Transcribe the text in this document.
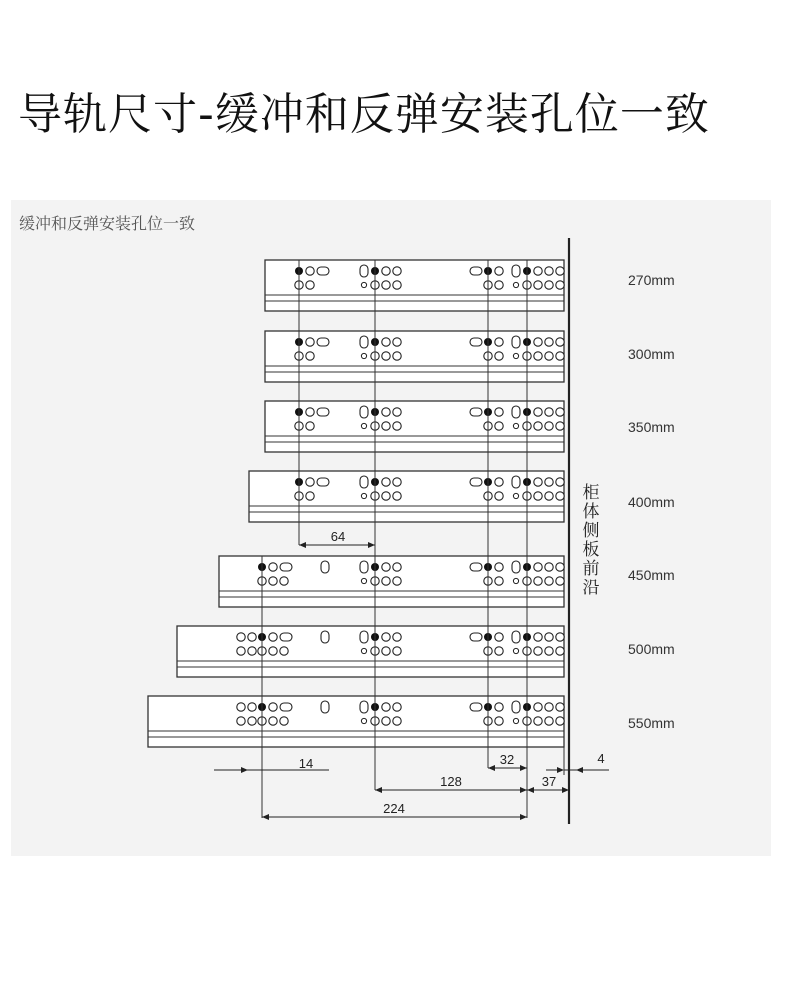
导轨尺寸-缓冲和反弹安装孔位一致
缓冲和反弹安装孔位一致
64
14	32	4
128	37
224
柜
体
侧
板
前
沿
270mm
300mm
350mm
400mm
450mm
500mm
550mm
